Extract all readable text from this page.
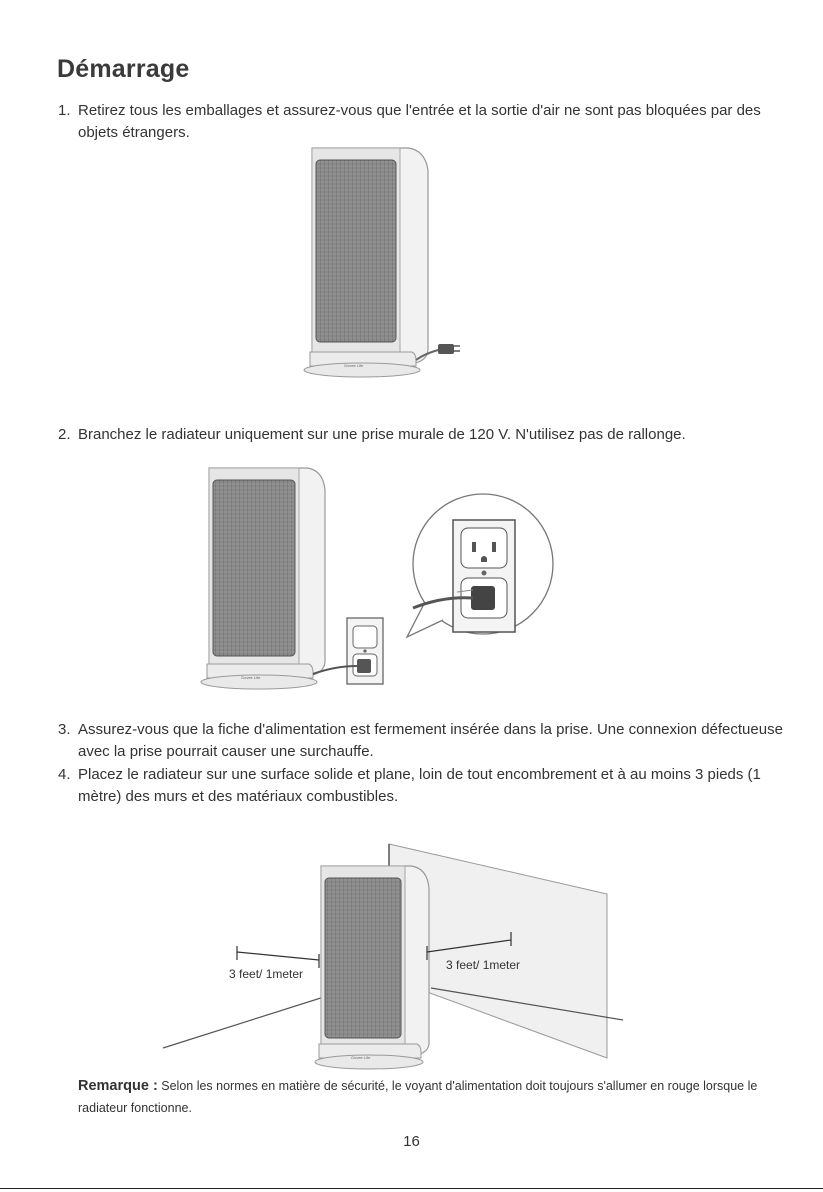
Démarrage
1. Retirez tous les emballages et assurez-vous que l'entrée et la sortie d'air ne sont pas bloquées par des objets étrangers.
Govee Life
2. Branchez le radiateur uniquement sur une prise murale de 120 V. N'utilisez pas de rallonge.
Govee Life
3. Assurez-vous que la fiche d'alimentation est fermement insérée dans la prise. Une connexion défectueuse avec la prise pourrait causer une surchauffe.
4. Placez le radiateur sur une surface solide et plane, loin de tout encombrement et à au moins 3 pieds (1 mètre) des murs et des matériaux combustibles.
Govee Life
3 feet/ 1meter
3 feet/ 1meter
Remarque : Selon les normes en matière de sécurité, le voyant d'alimentation doit toujours s'allumer en rouge lorsque le radiateur fonctionne.
16
